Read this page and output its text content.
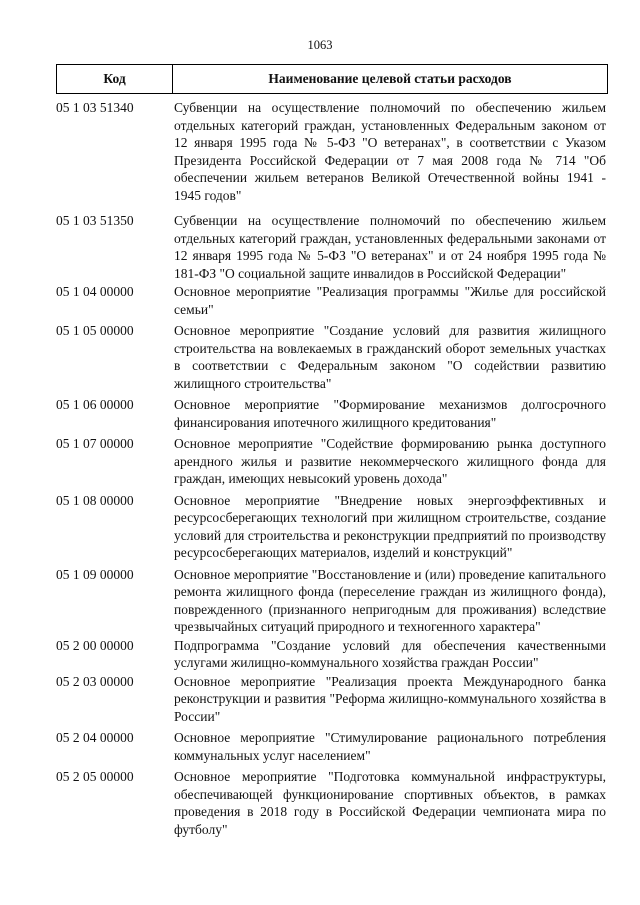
1063
Код	Наименование целевой статьи расходов
05 1 03 51340	Субвенции на осуществление полномочий по обеспечению жильем отдельных категорий граждан, установленных Федеральным законом от 12 января 1995 года № 5-ФЗ "О ветеранах", в соответствии с Указом Президента Российской Федерации от 7 мая 2008 года № 714 "Об обеспечении жильем ветеранов Великой Отечественной войны 1941 - 1945 годов"
05 1 03 51350	Субвенции на осуществление полномочий по обеспечению жильем отдельных категорий граждан, установленных федеральными законами от 12 января 1995 года № 5-ФЗ "О ветеранах" и от 24 ноября 1995 года № 181-ФЗ "О социальной защите инвалидов в Российской Федерации"
05 1 04 00000	Основное мероприятие "Реализация программы "Жилье для российской семьи"
05 1 05 00000	Основное мероприятие "Создание условий для развития жилищного строительства на вовлекаемых в гражданский оборот земельных участках в соответствии с Федеральным законом "О содействии развитию жилищного строительства"
05 1 06 00000	Основное мероприятие "Формирование механизмов долгосрочного финансирования ипотечного жилищного кредитования"
05 1 07 00000	Основное мероприятие "Содействие формированию рынка доступного арендного жилья и развитие некоммерческого жилищного фонда для граждан, имеющих невысокий уровень дохода"
05 1 08 00000	Основное мероприятие "Внедрение новых энергоэффективных и ресурсосберегающих технологий при жилищном строительстве, создание условий для строительства и реконструкции предприятий по производству ресурсосберегающих материалов, изделий и конструкций"
05 1 09 00000	Основное мероприятие "Восстановление и (или) проведение капитального ремонта жилищного фонда (переселение граждан из жилищного фонда), поврежденного (признанного непригодным для проживания) вследствие чрезвычайных ситуаций природного и техногенного характера"
05 2 00 00000	Подпрограмма "Создание условий для обеспечения качественными услугами жилищно-коммунального хозяйства граждан России"
05 2 03 00000	Основное мероприятие "Реализация проекта Международного банка реконструкции и развития "Реформа жилищно-коммунального хозяйства в России"
05 2 04 00000	Основное мероприятие "Стимулирование рационального потребления коммунальных услуг населением"
05 2 05 00000	Основное мероприятие "Подготовка коммунальной инфраструктуры, обеспечивающей функционирование спортивных объектов, в рамках проведения в 2018 году в Российской Федерации чемпионата мира по футболу"
